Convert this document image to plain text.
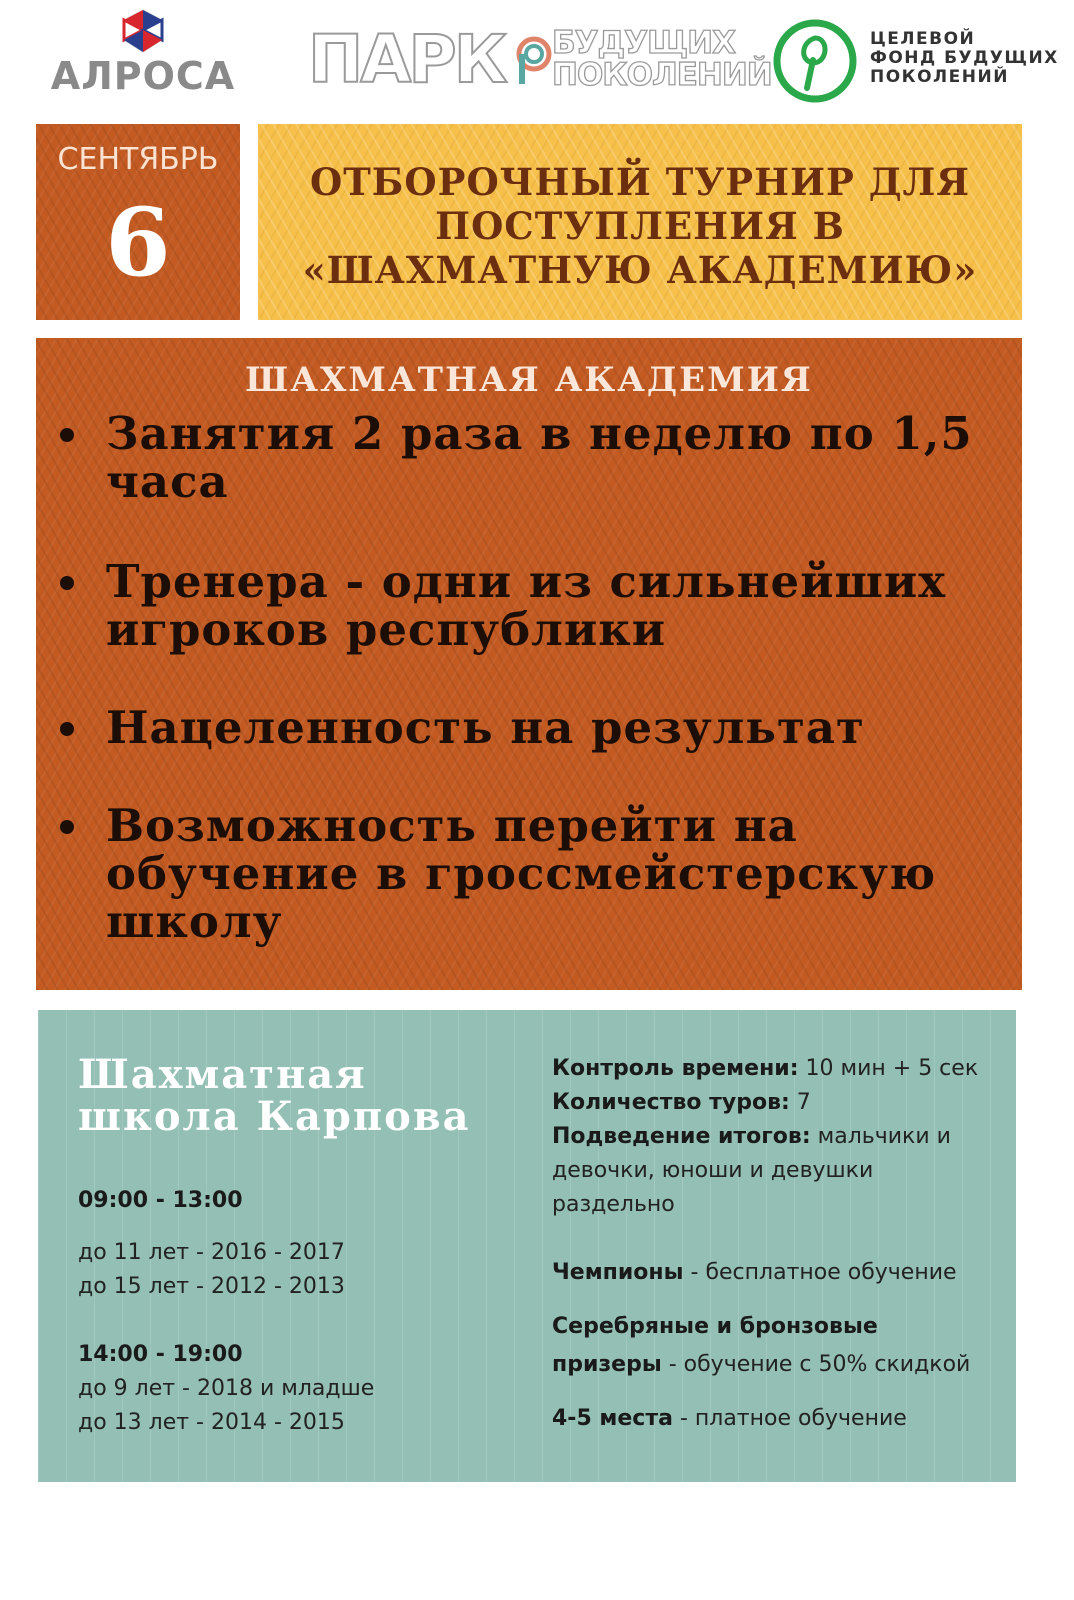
АЛРОСА ПАРК БУДУЩИХ
ПОКОЛЕНИЙ
ЦЕЛЕВОЙ
ФОНД БУДУЩИХ
ПОКОЛЕНИЙ
СЕНТЯБРЬ
6
ОТБОРОЧНЫЙ ТУРНИР ДЛЯ
ПОСТУПЛЕНИЯ В
«ШАХМАТНУЮ АКАДЕМИЮ»
ШАХМАТНАЯ АКАДЕМИЯ
Занятия 2 раза в неделю по 1,5
часа
Тренера - одни из сильнейших
игроков республики
Нацеленность на результат
Возможность перейти на
обучение в гроссмейстерскую
школу
Шахматная
школа Карпова
09:00 - 13:00
до 11 лет - 2016 - 2017
до 15 лет - 2012 - 2013
14:00 - 19:00
до 9 лет - 2018 и младше
до 13 лет - 2014 - 2015
Контроль времени: 10 мин + 5 сек
Количество туров: 7
Подведение итогов: мальчики и
девочки, юноши и девушки
раздельно
Чемпионы - бесплатное обучение
Серебряные и бронзовые
призеры - обучение с 50% скидкой
4-5 места - платное обучение
